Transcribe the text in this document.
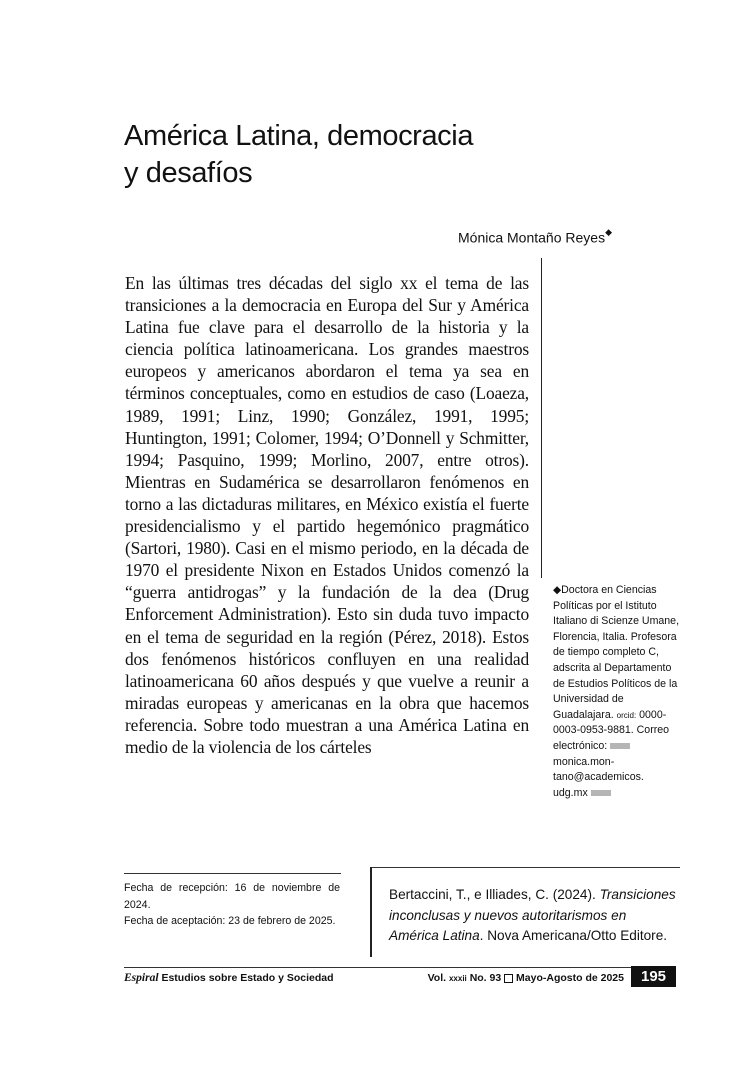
América Latina, democracia
y desafíos
Mónica Montaño Reyes◆

En las últimas tres décadas del siglo xx el tema de las transiciones a la democracia en Europa del Sur y América Latina fue clave para el desarrollo de la historia y la ciencia política latinoamericana. Los grandes maestros europeos y americanos abordaron el tema ya sea en términos conceptuales, como en estudios de caso (Loaeza, 1989, 1991; Linz, 1990; González, 1991, 1995; Huntington, 1991; Colomer, 1994; O’Donnell y Schmitter, 1994; Pasquino, 1999; Morlino, 2007, entre otros). Mientras en Sudamérica se desarrollaron fenómenos en torno a las dictaduras militares, en México existía el fuerte presidencialismo y el partido hegemónico pragmático (Sartori, 1980). Casi en el mismo periodo, en la década de 1970 el presidente Nixon en Estados Unidos comenzó la “guerra antidrogas” y la fundación de la dea (Drug Enforcement Administration). Esto sin duda tuvo impacto en el tema de seguridad en la región (Pérez, 2018). Estos dos fenómenos históricos confluyen en una realidad latinoamericana 60 años después y que vuelve a reunir a miradas europeas y americanas en la obra que hacemos referencia. Sobre todo muestran a una América Latina en medio de la violencia de los cárteles

◆Doctora en Ciencias Políticas por el Istituto Italiano di Scienze Umane, Florencia, Italia. Profesora de tiempo completo C, adscrita al Departamento de Estudios Políticos de la Universidad de Guadalajara. orcid: 0000-0003-0953-9881. Correo electrónico:  monica.mon- tano@academicos. udg.mx

Fecha de recepción: 16 de noviembre de 2024.

Fecha de aceptación: 23 de febrero de 2025.

Bertaccini, T., e Illiades, C. (2024). Transiciones inconclusas y nuevos autoritarismos en América Latina. Nova Americana/Otto Editore.
Espiral Estudios sobre Estado y Sociedad	Vol. xxxii No. 93 Mayo-Agosto de 2025	195
